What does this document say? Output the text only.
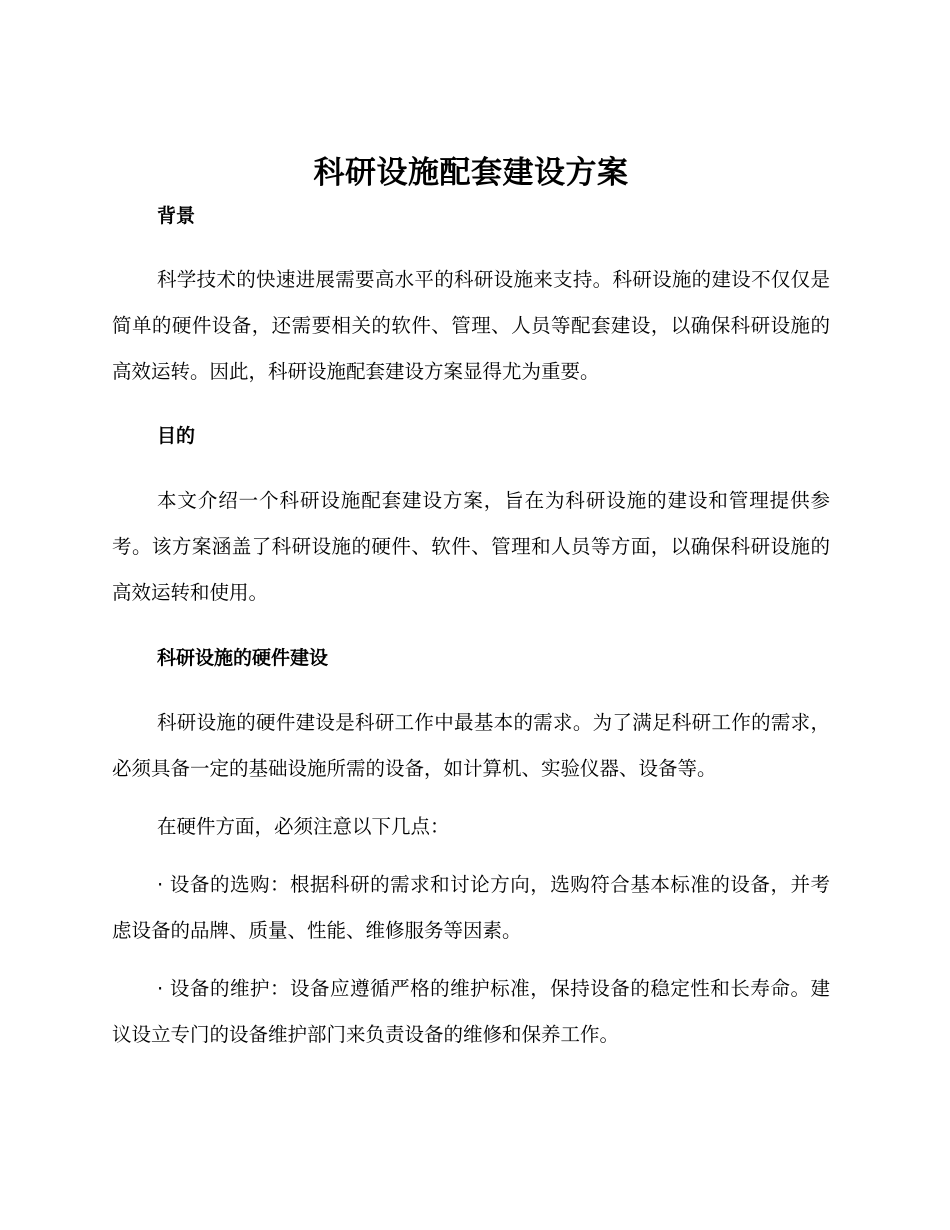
科研设施配套建设方案
背景

科学技术的快速进展需要高水平的科研设施来支持。科研设施的建设不仅仅是简单的硬件设备，还需要相关的软件、管理、人员等配套建设，以确保科研设施的高效运转。因此，科研设施配套建设方案显得尤为重要。

目的

本文介绍一个科研设施配套建设方案，旨在为科研设施的建设和管理提供参考。该方案涵盖了科研设施的硬件、软件、管理和人员等方面，以确保科研设施的高效运转和使用。

科研设施的硬件建设

科研设施的硬件建设是科研工作中最基本的需求。为了满足科研工作的需求，必须具备一定的基础设施所需的设备，如计算机、实验仪器、设备等。

在硬件方面，必须注意以下几点：

· 设备的选购：根据科研的需求和讨论方向，选购符合基本标准的设备，并考虑设备的品牌、质量、性能、维修服务等因素。

· 设备的维护：设备应遵循严格的维护标准，保持设备的稳定性和长寿命。建议设立专门的设备维护部门来负责设备的维修和保养工作。
